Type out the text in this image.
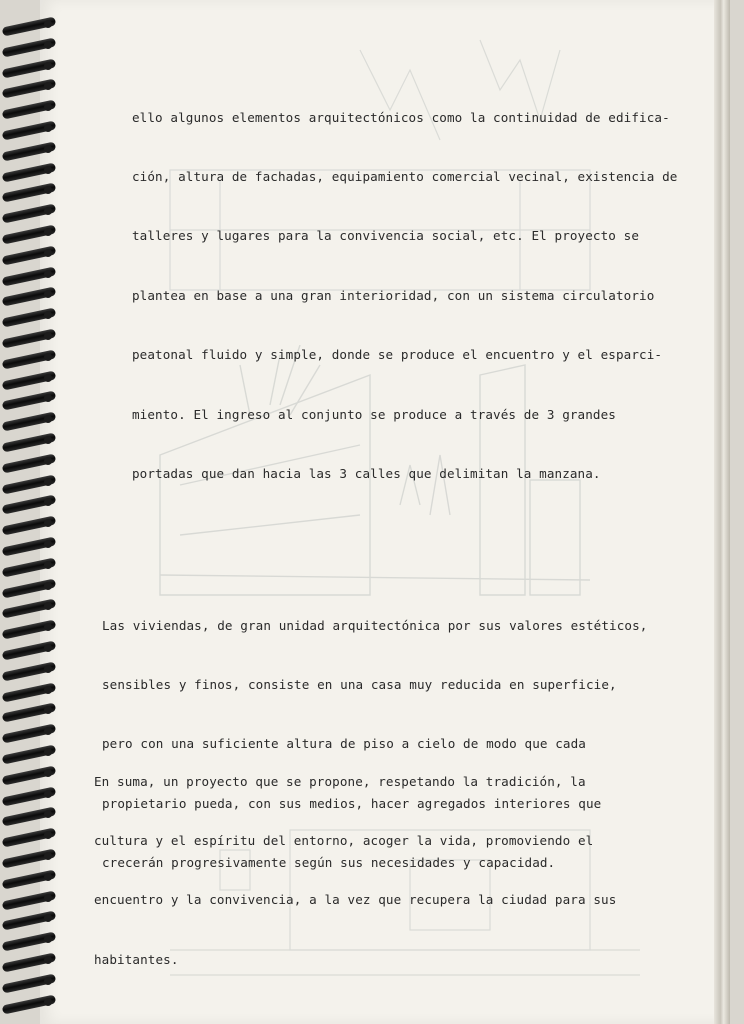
ello algunos elementos arquitectónicos como la continuidad de edifica-

ción, altura de fachadas, equipamiento comercial vecinal, existencia de

talleres y lugares para la convivencia social, etc. El proyecto se

plantea en base a una gran interioridad, con un sistema circulatorio

peatonal fluido y simple, donde se produce el encuentro y el esparci-

miento. El ingreso al conjunto se produce a través de 3 grandes

portadas que dan hacia las 3 calles que delimitan la manzana.

Las viviendas, de gran unidad arquitectónica por sus valores estéticos,

sensibles y finos, consiste en una casa muy reducida en superficie,

pero con una suficiente altura de piso a cielo de modo que cada

propietario pueda, con sus medios, hacer agregados interiores que

crecerán progresivamente según sus necesidades y capacidad.

En suma, un proyecto que se propone, respetando la tradición, la

cultura y el espíritu del entorno, acoger la vida, promoviendo el

encuentro y la convivencia, a la vez que recupera la ciudad para sus

habitantes.
